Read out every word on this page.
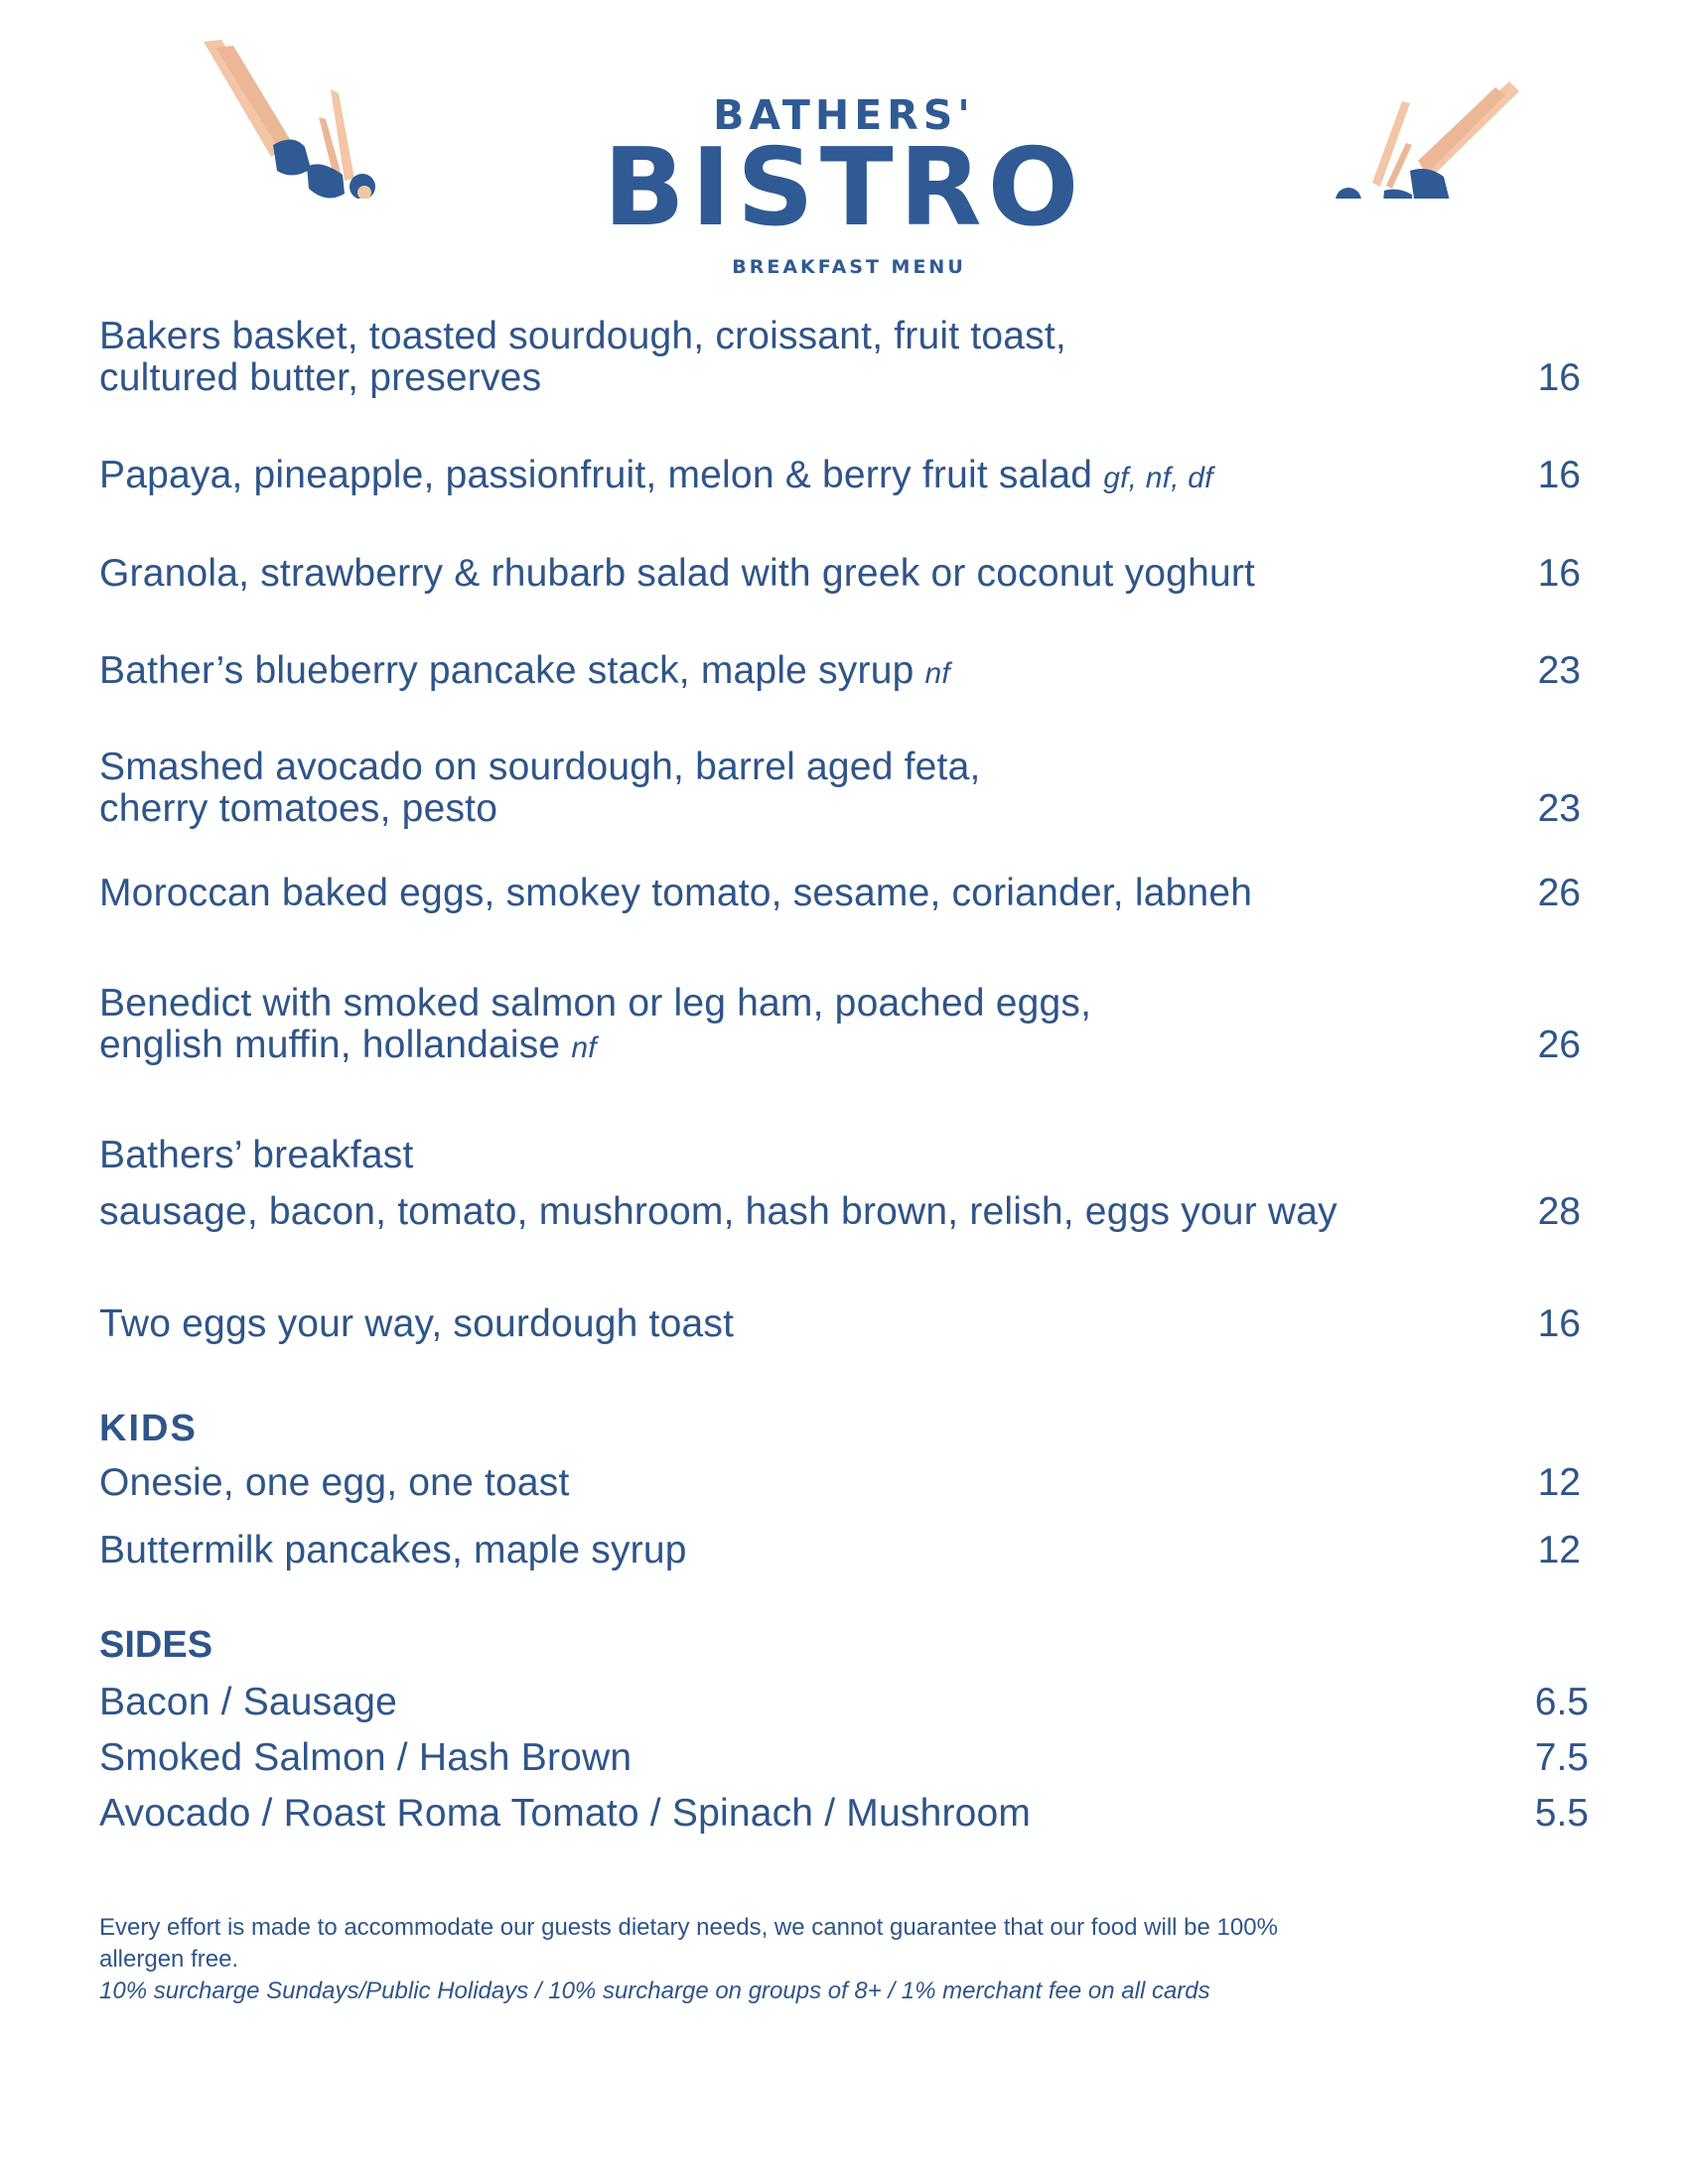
BATHERS'
BISTRO
BREAKFAST MENU
Bakers basket, toasted sourdough, croissant, fruit toast,
cultured butter, preserves	16
Papaya, pineapple, passionfruit, melon & berry fruit salad gf, nf, df	16
Granola, strawberry & rhubarb salad with greek or coconut yoghurt	16
Bather’s blueberry pancake stack, maple syrup nf	23
Smashed avocado on sourdough, barrel aged feta,
cherry tomatoes, pesto	23
Moroccan baked eggs, smokey tomato, sesame, coriander, labneh	26
Benedict with smoked salmon or leg ham, poached eggs,
english muffin, hollandaise nf	26
Bathers’ breakfast
sausage, bacon, tomato, mushroom, hash brown, relish, eggs your way	28
Two eggs your way, sourdough toast	16
KIDS
Onesie, one egg, one toast	12
Buttermilk pancakes, maple syrup	12
SIDES
Bacon / Sausage	6.5
Smoked Salmon / Hash Brown	7.5
Avocado / Roast Roma Tomato / Spinach / Mushroom	5.5
Every effort is made to accommodate our guests dietary needs, we cannot guarantee that our food will be 100%
allergen free.
10% surcharge Sundays/Public Holidays / 10% surcharge on groups of 8+ / 1% merchant fee on all cards
